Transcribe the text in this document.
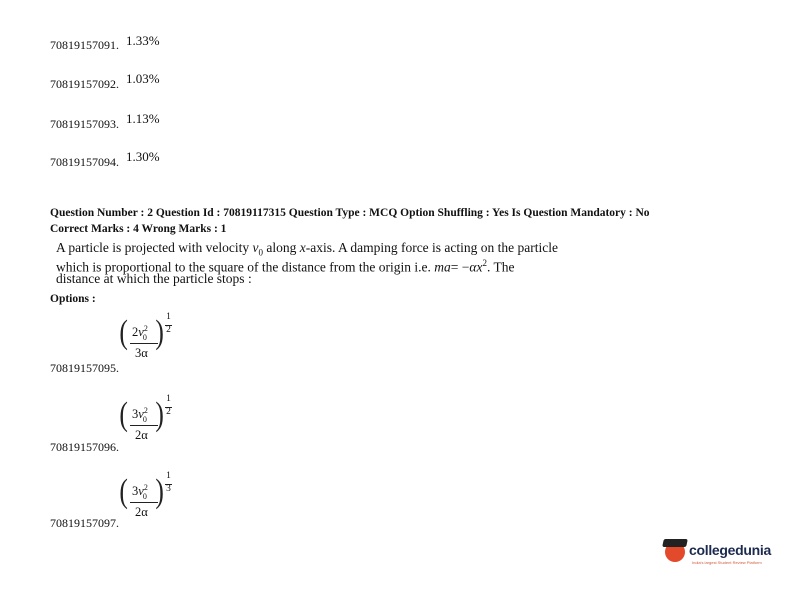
70819157091. 1.33%
70819157092. 1.03%
70819157093. 1.13%
70819157094. 1.30%
Question Number : 2 Question Id : 70819117315 Question Type : MCQ Option Shuffling : Yes Is Question Mandatory : No
Correct Marks : 4 Wrong Marks : 1
A particle is projected with velocity $v_0$ along x-axis. A damping force is acting on the particle
which is proportional to the square of the distance from the origin i.e. $ma= -\alpha x^2$. The
distance at which the particle stops :
Options :
( $2v^2_0$
3α
) 1
2
70819157095.
( $3v^2_0$
2α
) 1
2
70819157096.
( $3v^2_0$
2α
) 1
3
70819157097.
collegedunia
India's largest Student Review Platform
